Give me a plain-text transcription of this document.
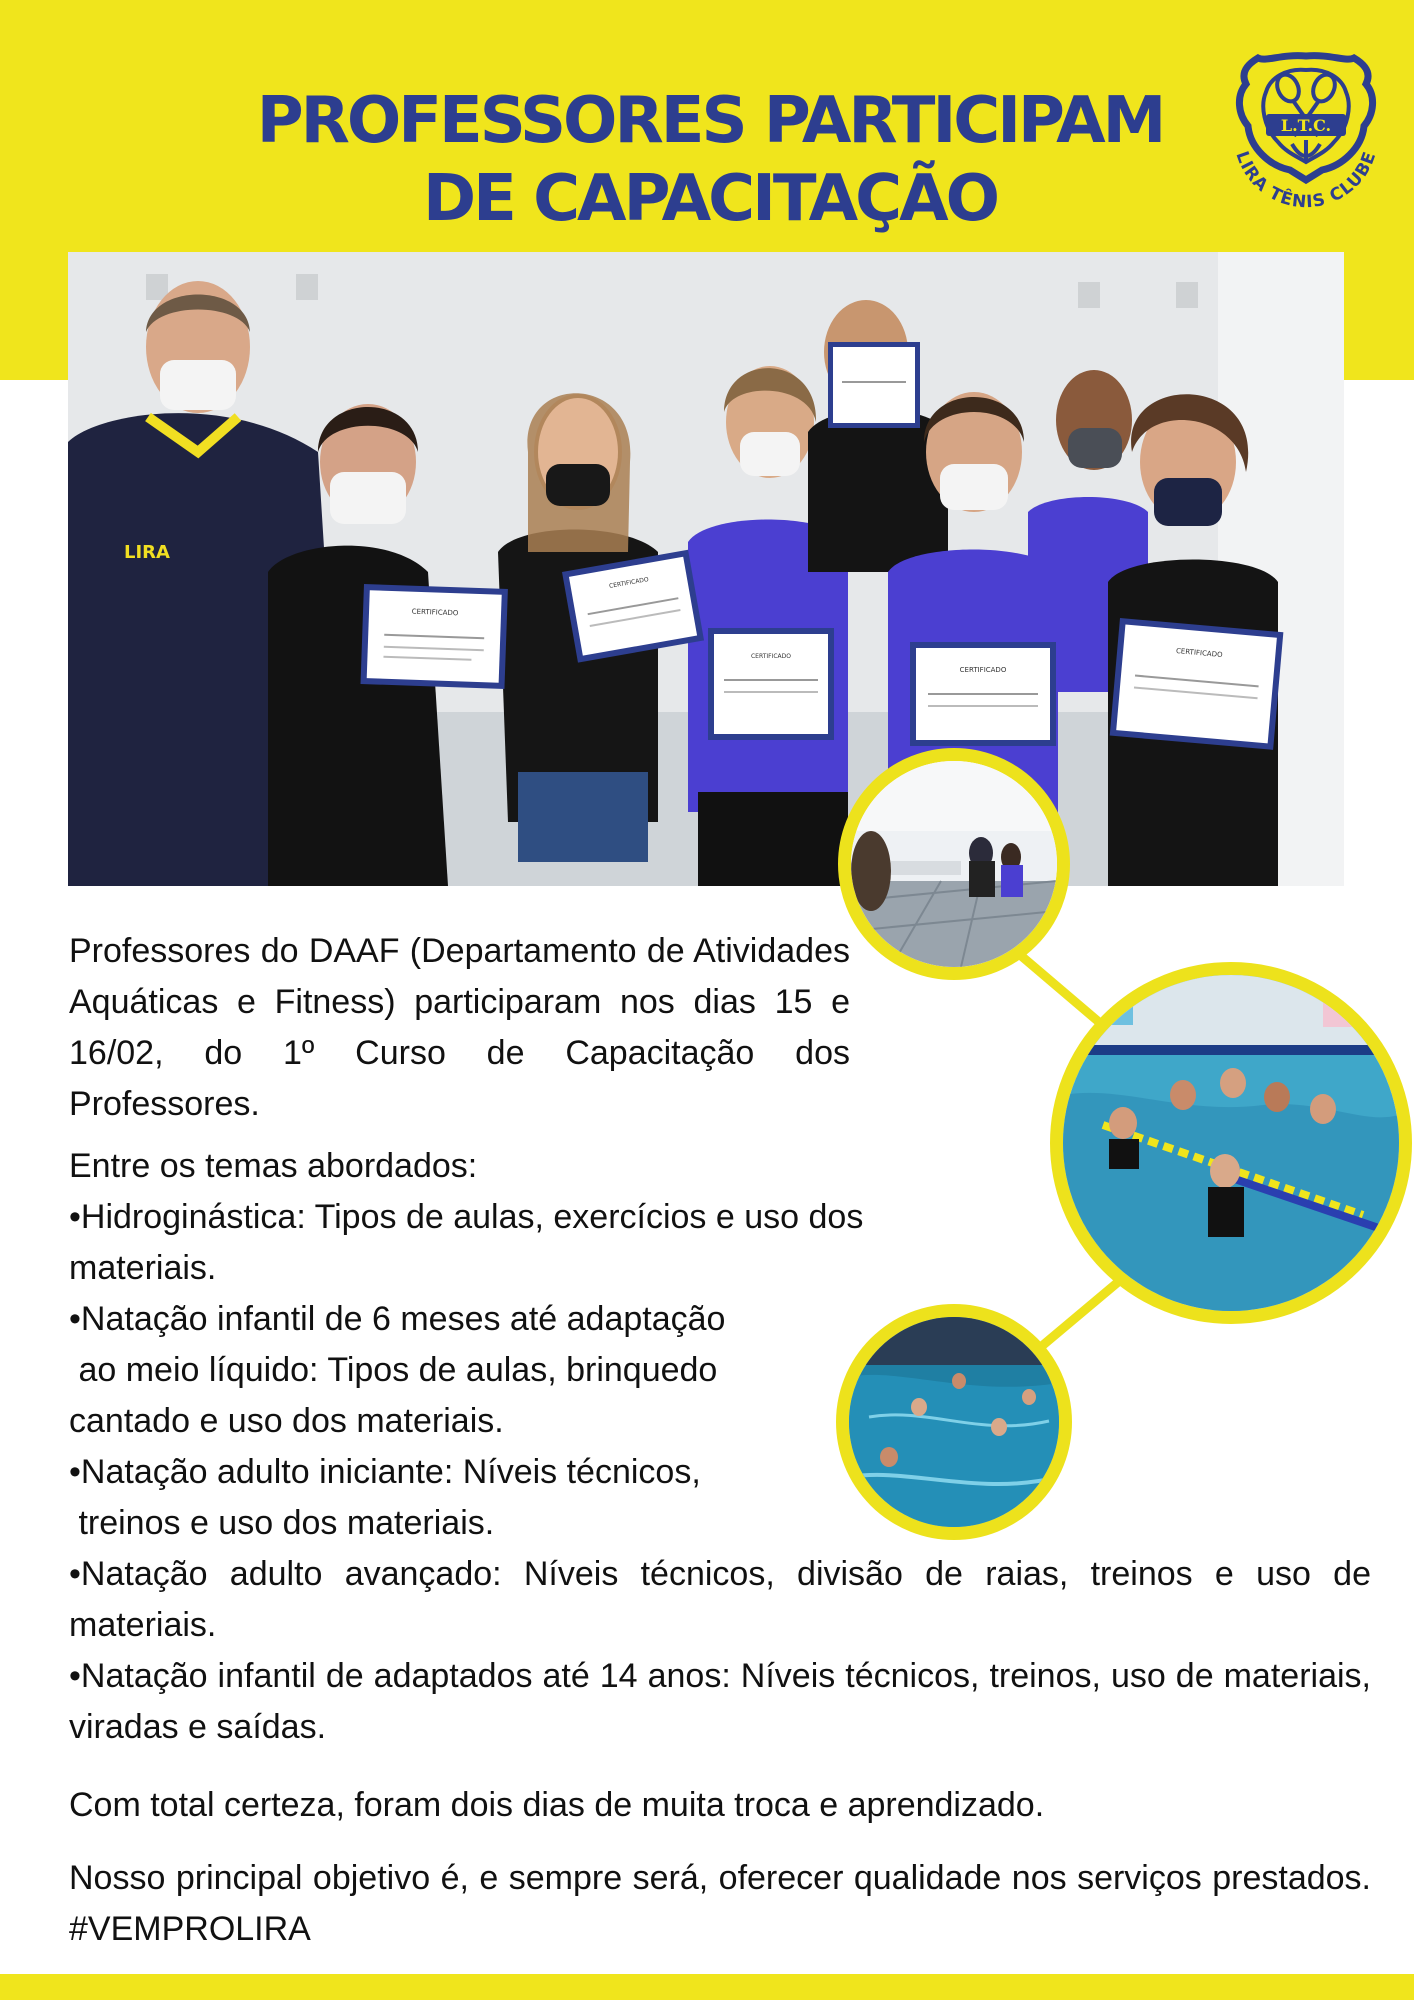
PROFESSORES PARTICIPAM
DE CAPACITAÇÃO
L.T.C.
LIRA TÊNIS CLUBE
LIRA
CERTIFICADO
CERTIFICADO
CERTIFICADO
CERTIFICADO
CERTIFICADO

Professores do DAAF (Departamento de Atividades Aquáticas e Fitness) participaram nos dias 15 e 16/02, do 1º Curso de Capacitação dos Professores.

Entre os temas abordados:

•Hidroginástica: Tipos de aulas, exercícios e uso dos materiais.

•Natação infantil de 6 meses até adaptação
ao meio líquido: Tipos de aulas, brinquedo
cantado e uso dos materiais.

•Natação adulto iniciante: Níveis técnicos,
treinos e uso dos materiais.

•Natação adulto avançado: Níveis técnicos, divisão de raias, treinos e uso de materiais.

•Natação infantil de adaptados até 14 anos: Níveis técnicos, treinos, uso de materiais, viradas e saídas.

Com total certeza, foram dois dias de muita troca e aprendizado.

Nosso principal objetivo é, e sempre será, oferecer qualidade nos serviços prestados. #VEMPROLIRA
